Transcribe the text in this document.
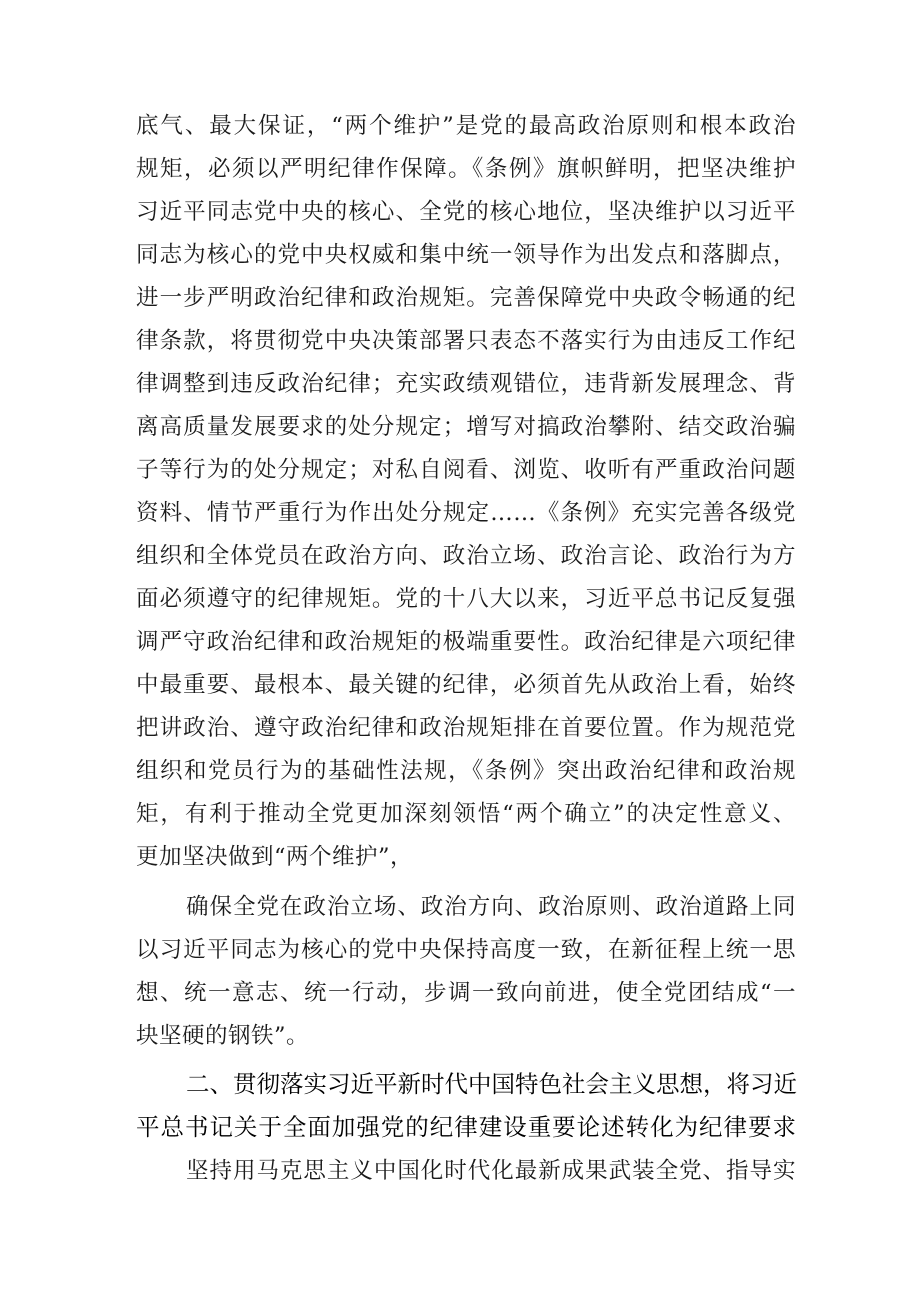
底气、最大保证，“两个维护”是党的最高政治原则和根本政治
规矩，必须以严明纪律作保障。《条例》旗帜鲜明，把坚决维护
习近平同志党中央的核心、全党的核心地位，坚决维护以习近平
同志为核心的党中央权威和集中统一领导作为出发点和落脚点，
进一步严明政治纪律和政治规矩。完善保障党中央政令畅通的纪
律条款，将贯彻党中央决策部署只表态不落实行为由违反工作纪
律调整到违反政治纪律；充实政绩观错位，违背新发展理念、背
离高质量发展要求的处分规定；增写对搞政治攀附、结交政治骗
子等行为的处分规定；对私自阅看、浏览、收听有严重政治问题
资料、情节严重行为作出处分规定……《条例》充实完善各级党
组织和全体党员在政治方向、政治立场、政治言论、政治行为方
面必须遵守的纪律规矩。党的十八大以来，习近平总书记反复强
调严守政治纪律和政治规矩的极端重要性。政治纪律是六项纪律
中最重要、最根本、最关键的纪律，必须首先从政治上看，始终
把讲政治、遵守政治纪律和政治规矩排在首要位置。作为规范党
组织和党员行为的基础性法规，《条例》突出政治纪律和政治规
矩，有利于推动全党更加深刻领悟“两个确立”的决定性意义、
更加坚决做到“两个维护”，
确保全党在政治立场、政治方向、政治原则、政治道路上同
以习近平同志为核心的党中央保持高度一致，在新征程上统一思
想、统一意志、统一行动，步调一致向前进，使全党团结成“一
块坚硬的钢铁”。
二、贯彻落实习近平新时代中国特色社会主义思想，将习近
平总书记关于全面加强党的纪律建设重要论述转化为纪律要求
坚持用马克思主义中国化时代化最新成果武装全党、指导实
